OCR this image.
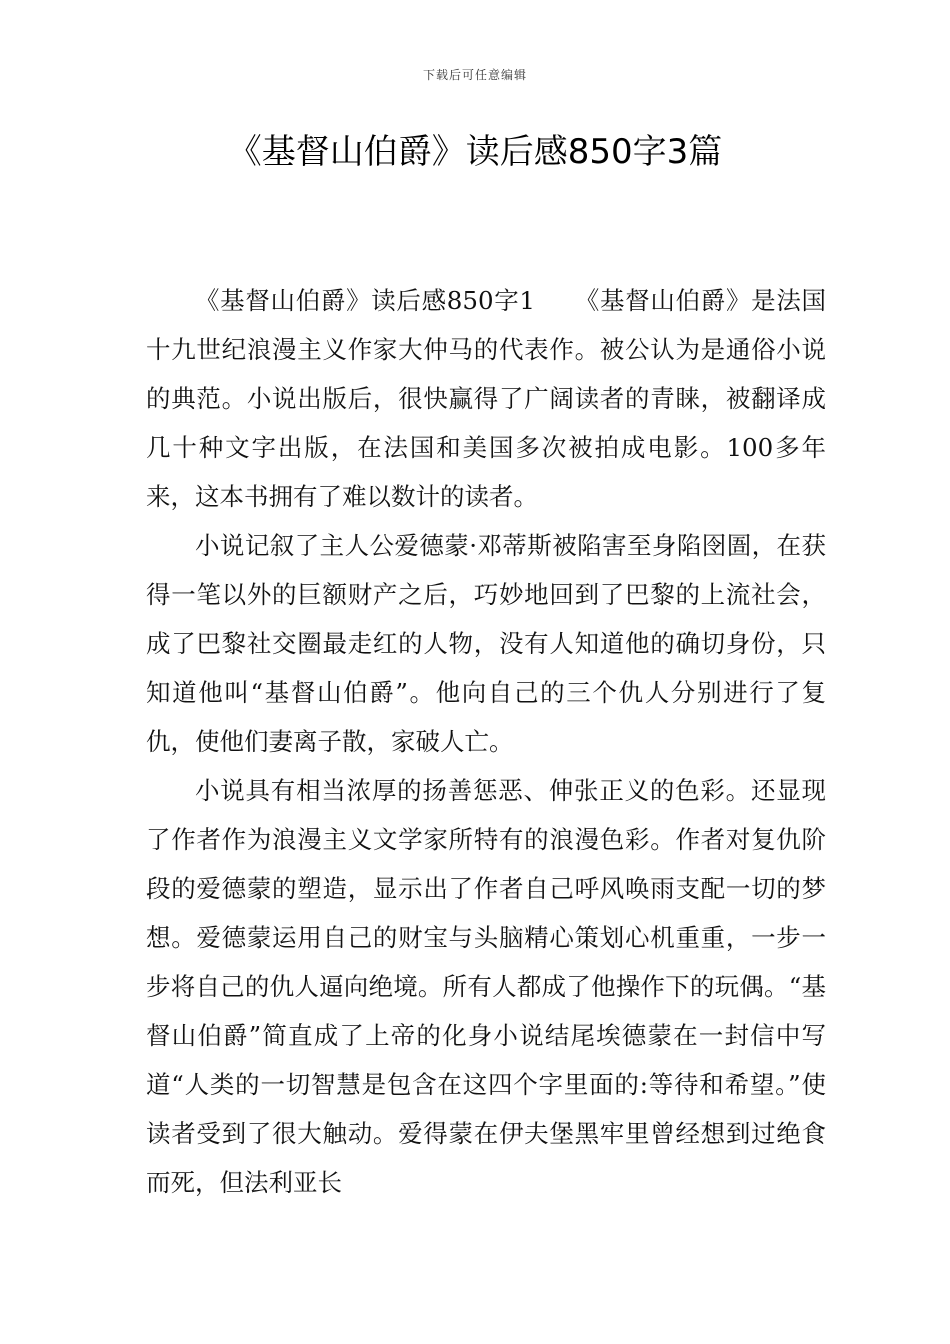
下载后可任意编辑
《基督山伯爵》读后感850字3篇

《基督山伯爵》读后感850字1 《基督山伯爵》是法国十九世纪浪漫主义作家大仲马的代表作。被公认为是通俗小说的典范。小说出版后，很快赢得了广阔读者的青睐，被翻译成几十种文字出版，在法国和美国多次被拍成电影。100多年来，这本书拥有了难以数计的读者。

小说记叙了主人公爱德蒙·邓蒂斯被陷害至身陷囹圄，在获得一笔以外的巨额财产之后，巧妙地回到了巴黎的上流社会，成了巴黎社交圈最走红的人物，没有人知道他的确切身份，只知道他叫“基督山伯爵”。他向自己的三个仇人分别进行了复仇，使他们妻离子散，家破人亡。

小说具有相当浓厚的扬善惩恶、伸张正义的色彩。还显现了作者作为浪漫主义文学家所特有的浪漫色彩。作者对复仇阶段的爱德蒙的塑造，显示出了作者自己呼风唤雨支配一切的梦想。爱德蒙运用自己的财宝与头脑精心策划心机重重，一步一步将自己的仇人逼向绝境。所有人都成了他操作下的玩偶。“基督山伯爵”简直成了上帝的化身小说结尾埃德蒙在一封信中写道“人类的一切智慧是包含在这四个字里面的:等待和希望。”使读者受到了很大触动。爱得蒙在伊夫堡黑牢里曾经想到过绝食而死，但法利亚长
